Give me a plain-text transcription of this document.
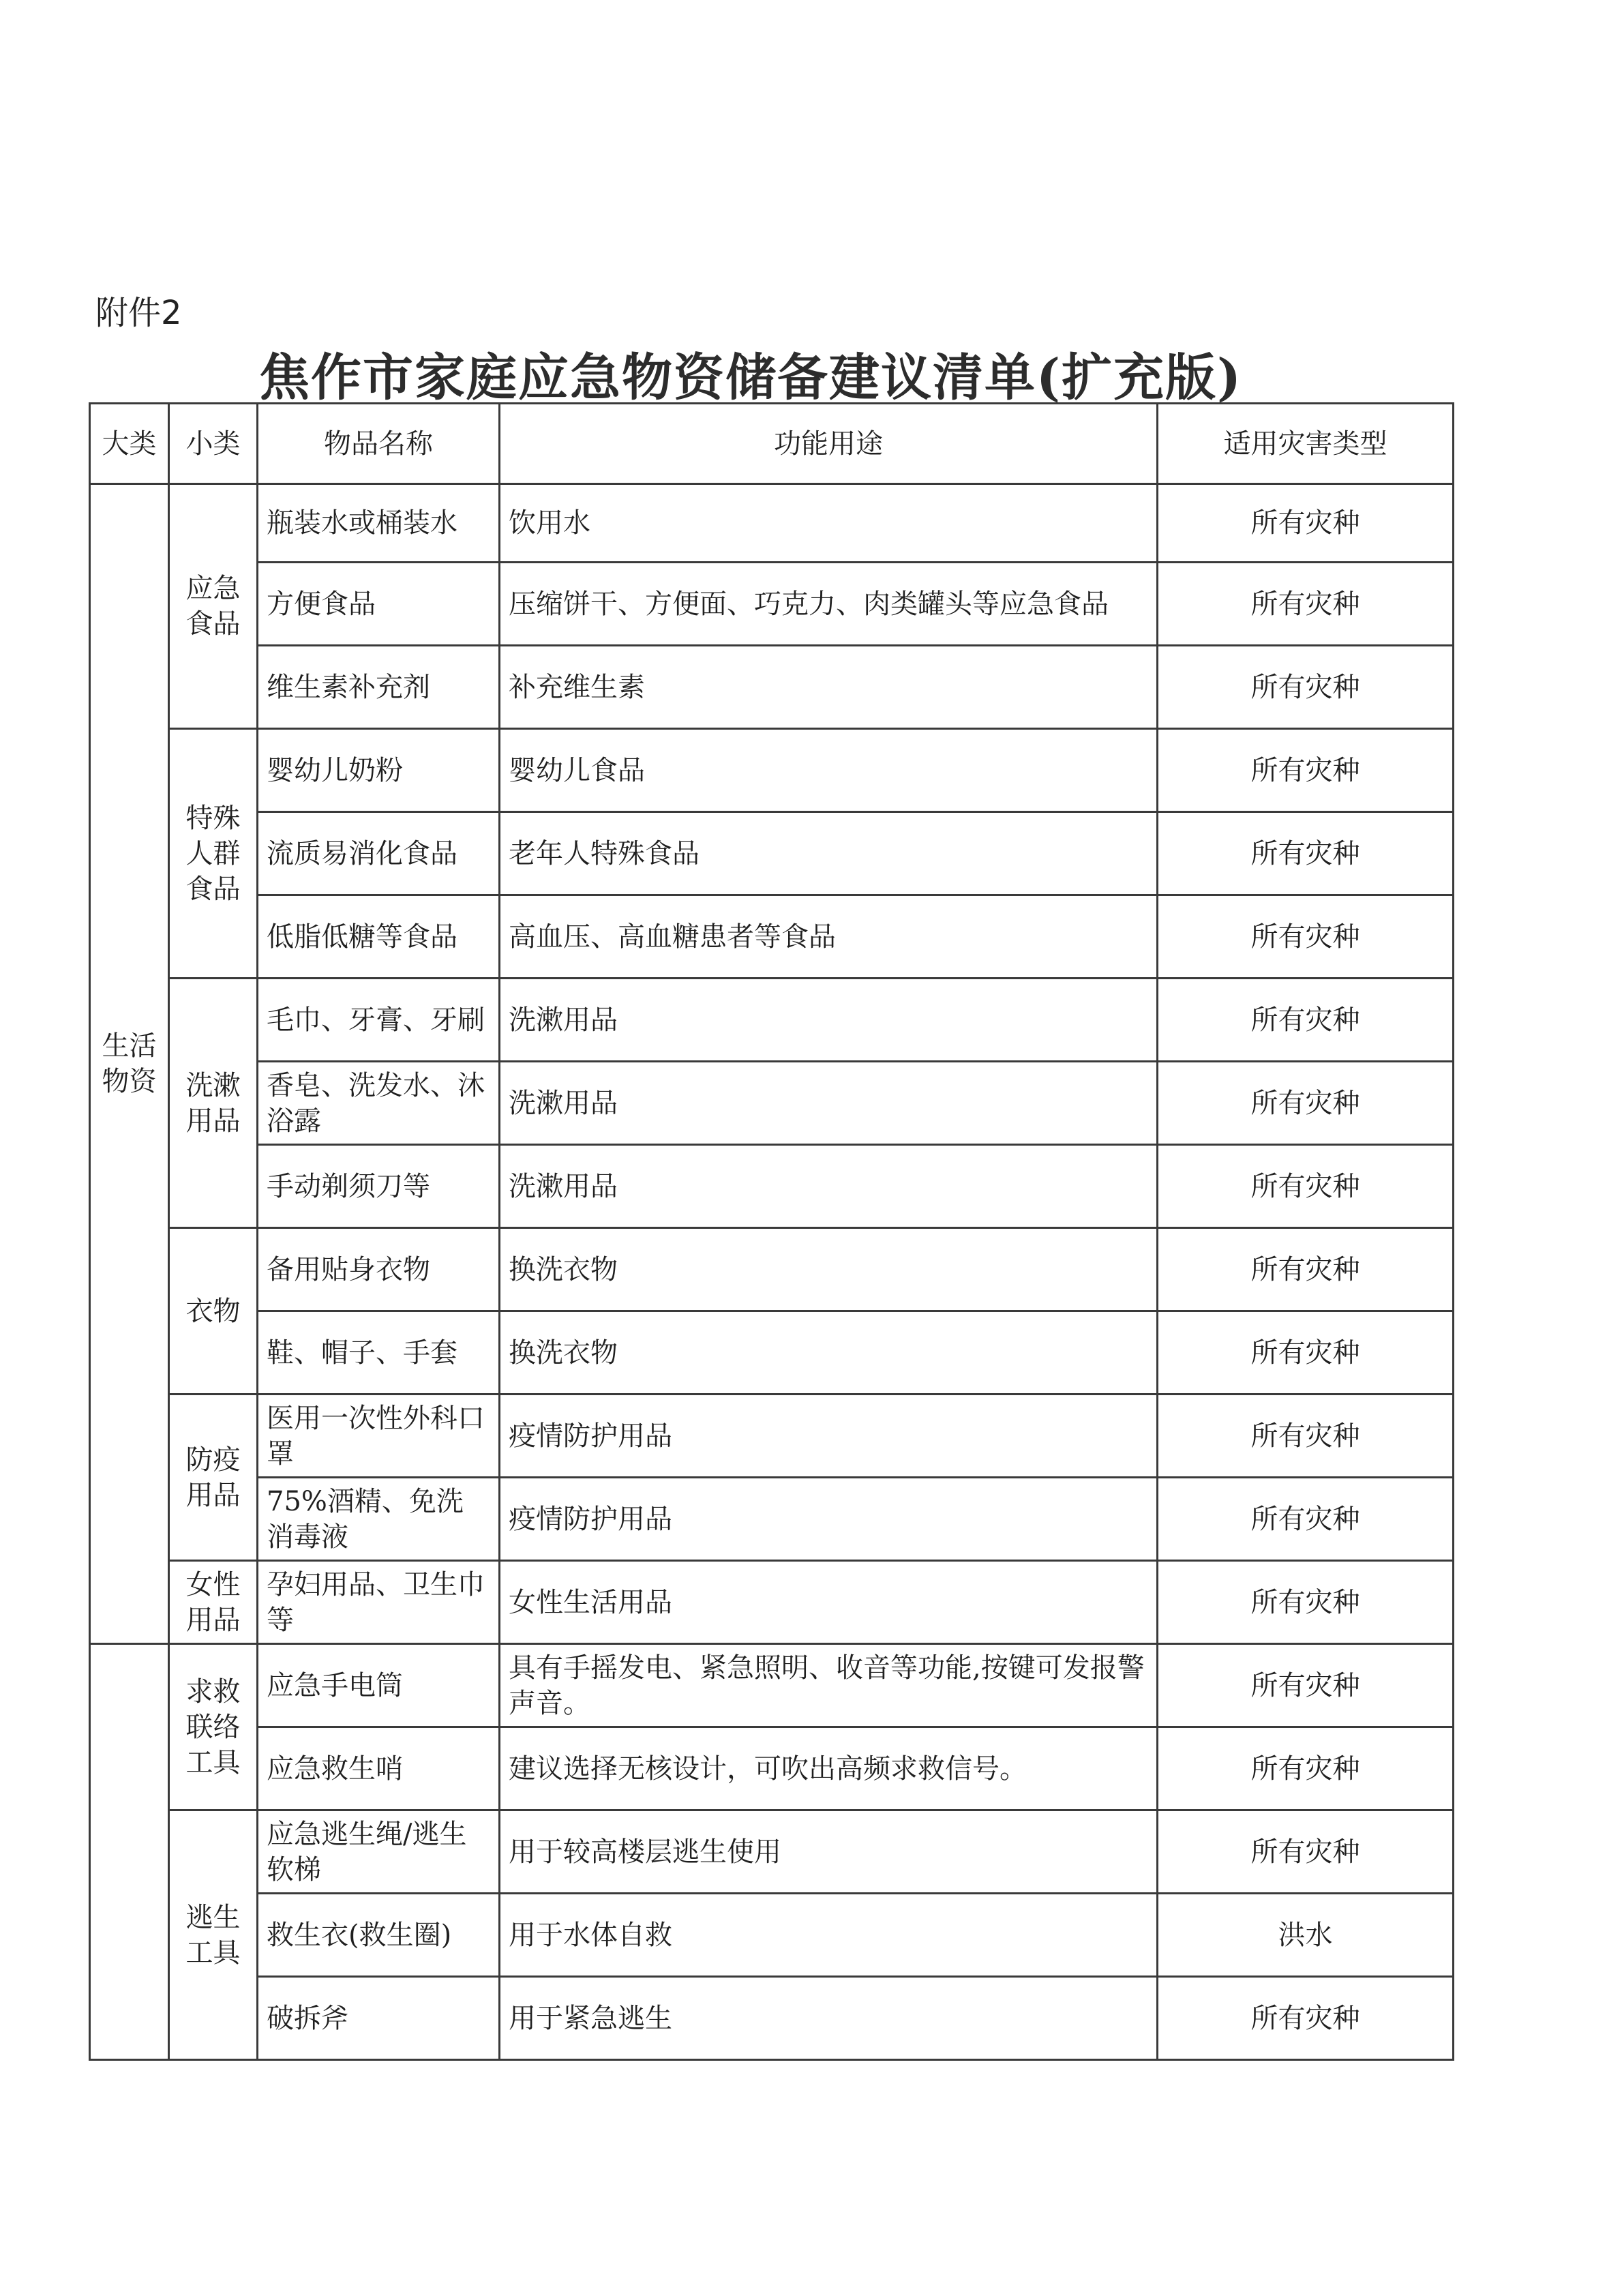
附件2
焦作市家庭应急物资储备建议清单(扩充版)
大类	小类	物品名称	功能用途	适用灾害类型
生活物资	应急食品	瓶装水或桶装水	饮用水	所有灾种
		方便食品	压缩饼干、方便面、巧克力、肉类罐头等应急食品	所有灾种
		维生素补充剂	补充维生素	所有灾种
	特殊人群食品	婴幼儿奶粉	婴幼儿食品	所有灾种
		流质易消化食品	老年人特殊食品	所有灾种
		低脂低糖等食品	高血压、高血糖患者等食品	所有灾种
	洗漱用品	毛巾、牙膏、牙刷	洗漱用品	所有灾种
		香皂、洗发水、沐浴露	洗漱用品	所有灾种
		手动剃须刀等	洗漱用品	所有灾种
	衣物	备用贴身衣物	换洗衣物	所有灾种
		鞋、帽子、手套	换洗衣物	所有灾种
	防疫用品	医用一次性外科口罩	疫情防护用品	所有灾种
		75%酒精、免洗消毒液	疫情防护用品	所有灾种
	女性用品	孕妇用品、卫生巾等	女性生活用品	所有灾种
	求救联络工具	应急手电筒	具有手摇发电、紧急照明、收音等功能,按键可发报警声音。	所有灾种
		应急救生哨	建议选择无核设计，可吹出高频求救信号。	所有灾种
	逃生工具	应急逃生绳/逃生软梯	用于较高楼层逃生使用	所有灾种
		救生衣(救生圈)	用于水体自救	洪水
		破拆斧	用于紧急逃生	所有灾种
